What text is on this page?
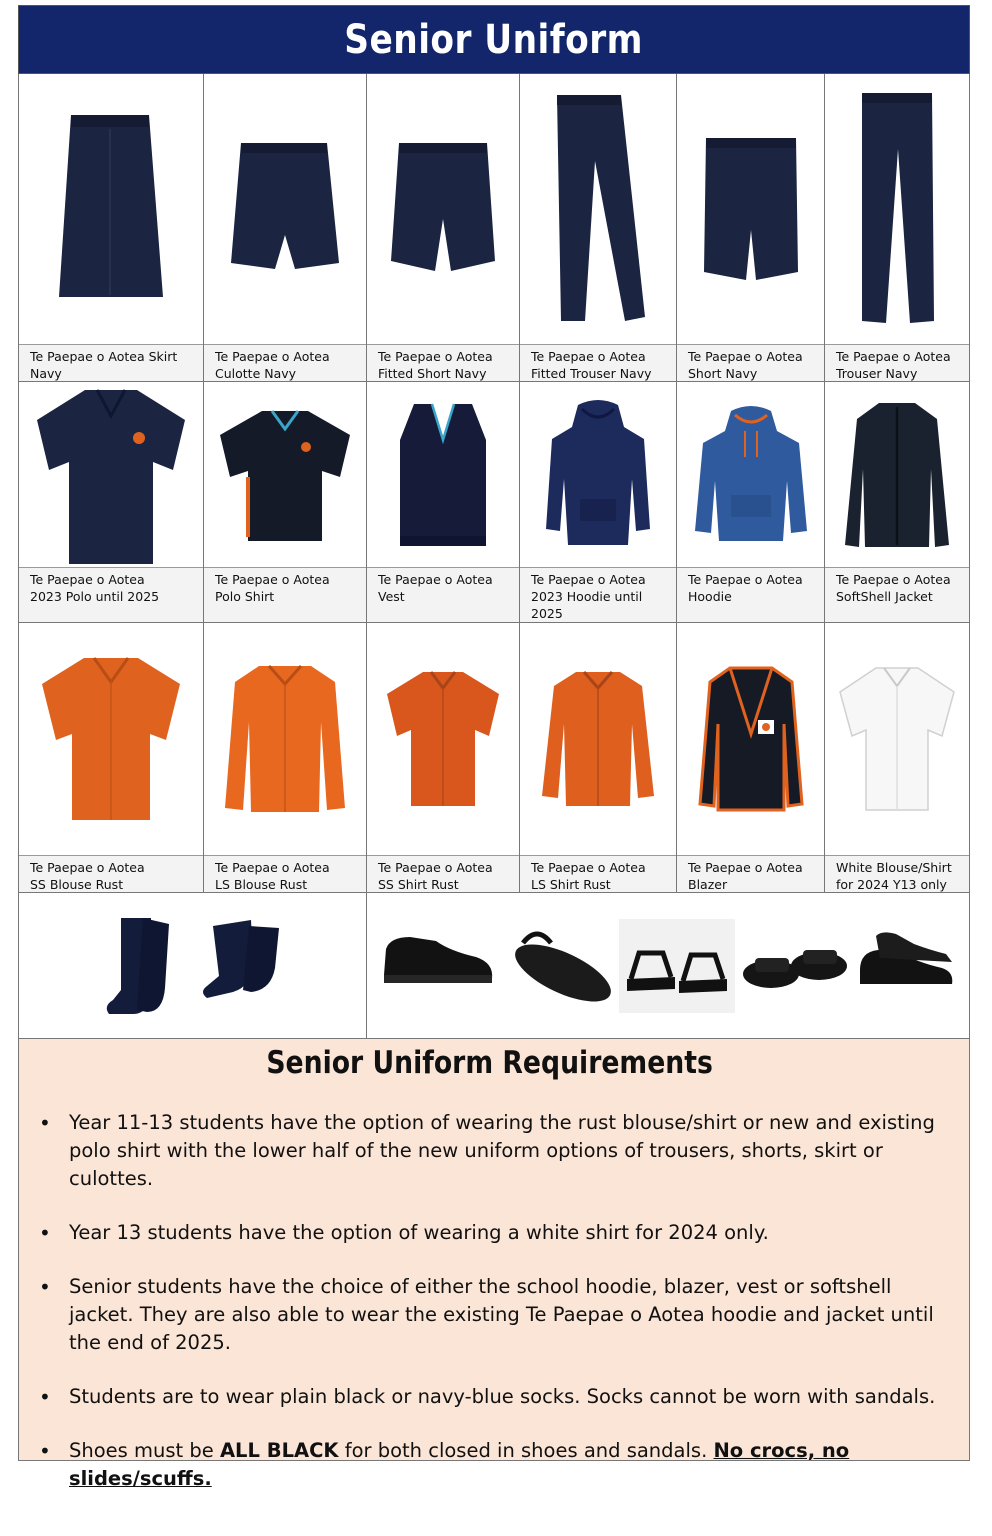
Senior Uniform
Te Paepae o Aotea Skirt
Navy
Te Paepae o Aotea
Culotte Navy
Te Paepae o Aotea
Fitted Short Navy
Te Paepae o Aotea
Fitted Trouser Navy
Te Paepae o Aotea
Short Navy
Te Paepae o Aotea
Trouser Navy
Te Paepae o Aotea
2023 Polo until 2025
Te Paepae o Aotea
Polo Shirt
Te Paepae o Aotea
Vest
Te Paepae o Aotea
2023 Hoodie until
2025
Te Paepae o Aotea
Hoodie
Te Paepae o Aotea
SoftShell Jacket
Te Paepae o Aotea
SS Blouse Rust
Te Paepae o Aotea
LS Blouse Rust
Te Paepae o Aotea
SS Shirt Rust
Te Paepae o Aotea
LS Shirt Rust
Te Paepae o Aotea
Blazer
White Blouse/Shirt
for 2024 Y13 only
Senior Uniform Requirements
• Year 11-13 students have the option of wearing the rust blouse/shirt or new and existing polo shirt with the lower half of the new uniform options of trousers, shorts, skirt or culottes.
• Year 13 students have the option of wearing a white shirt for 2024 only.
• Senior students have the choice of either the school hoodie, blazer, vest or softshell jacket. They are also able to wear the existing Te Paepae o Aotea hoodie and jacket until the end of 2025.
• Students are to wear plain black or navy-blue socks. Socks cannot be worn with sandals.
• Shoes must be ALL BLACK for both closed in shoes and sandals. No crocs, no slides/scuffs.
